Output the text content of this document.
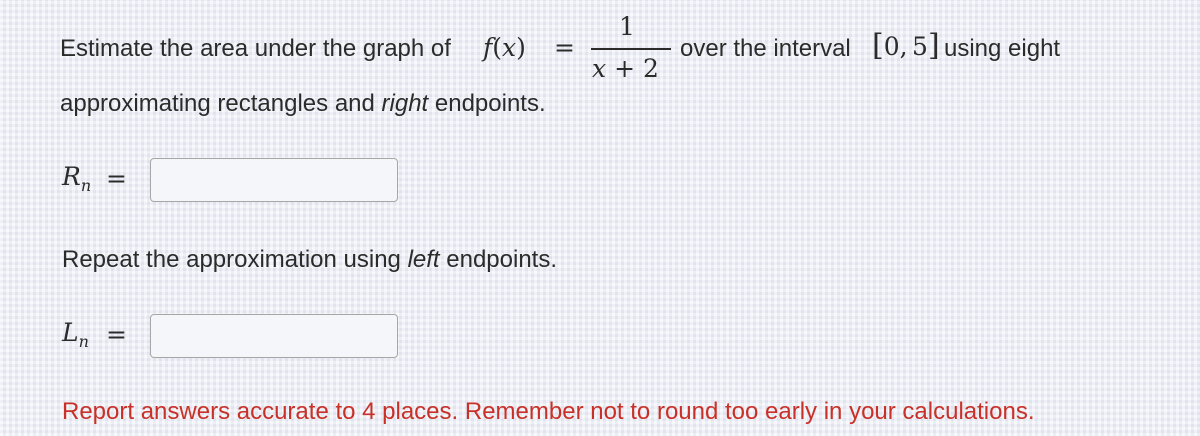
Estimate the area under the graph of f(x) =
1
x + 2
over the interval [0, 5] using eight
approximating rectangles and right endpoints.
$R_n$ =
Repeat the approximation using left endpoints.
$L_n$ =
Report answers accurate to 4 places. Remember not to round too early in your calculations.
